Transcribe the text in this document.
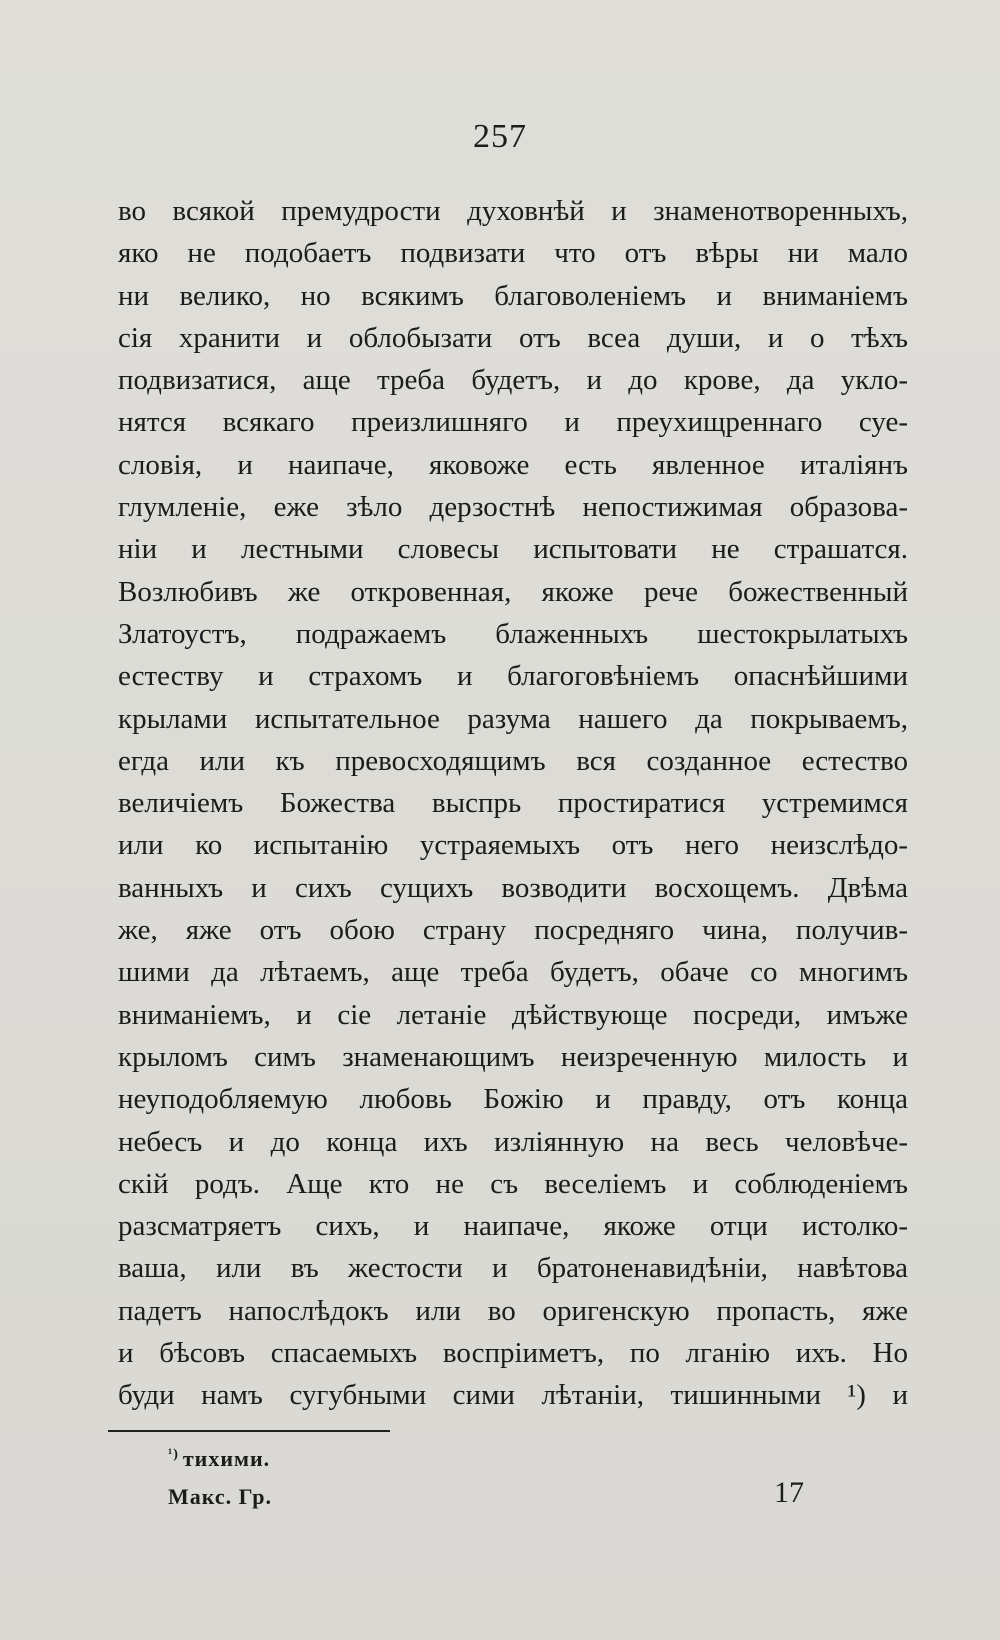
257
во всякой премудрости духовнѣй и знаменотворенныхъ,
яко не подобаетъ подвизати что отъ вѣры ни мало
ни велико, но всякимъ благоволенiемъ и вниманiемъ
сiя хранити и облобызати отъ всеа души, и о тѣхъ
подвизатися, аще треба будетъ, и до крове, да укло-
нятся всякаго преизлишняго и преухищреннаго суе-
словiя, и наипаче, яковоже есть явленное италiянъ
глумленiе, еже зѣло дерзостнѣ непостижимая образова-
нiи и лестными словесы испытовати не страшатся.
Возлюбивъ же откровенная, якоже рече божественный
Златоустъ, подражаемъ блаженныхъ шестокрылатыхъ
естеству и страхомъ и благоговѣнiемъ опаснѣйшими
крылами испытательное разума нашего да покрываемъ,
егда или къ превосходящимъ вся созданное естество
величiемъ Божества выспрь простиратися устремимся
или ко испытанiю устраяемыхъ отъ него неизслѣдо-
ванныхъ и сихъ сущихъ возводити восхощемъ. Двѣма
же, яже отъ обою страну посредняго чина, получив-
шими да лѣтаемъ, аще треба будетъ, обаче со многимъ
вниманiемъ, и сiе летанiе дѣйствующе посреди, имъже
крыломъ симъ знаменающимъ неизреченную милость и
неуподобляемую любовь Божiю и правду, отъ конца
небесъ и до конца ихъ излiянную на весь человѣче-
скiй родъ. Аще кто не съ веселiемъ и соблюденiемъ
разсматряетъ сихъ, и наипаче, якоже отци истолко-
ваша, или въ жестости и братоненавидѣнiи, навѣтова
падетъ напослѣдокъ или во оригенскую пропасть, яже
и бѣсовъ спасаемыхъ воспрiиметъ, по лганiю ихъ. Но
буди намъ сугубными сими лѣтанiи, тишинными ¹) и
$^{^1)}$ тихими.
Макс. Гр.	17
